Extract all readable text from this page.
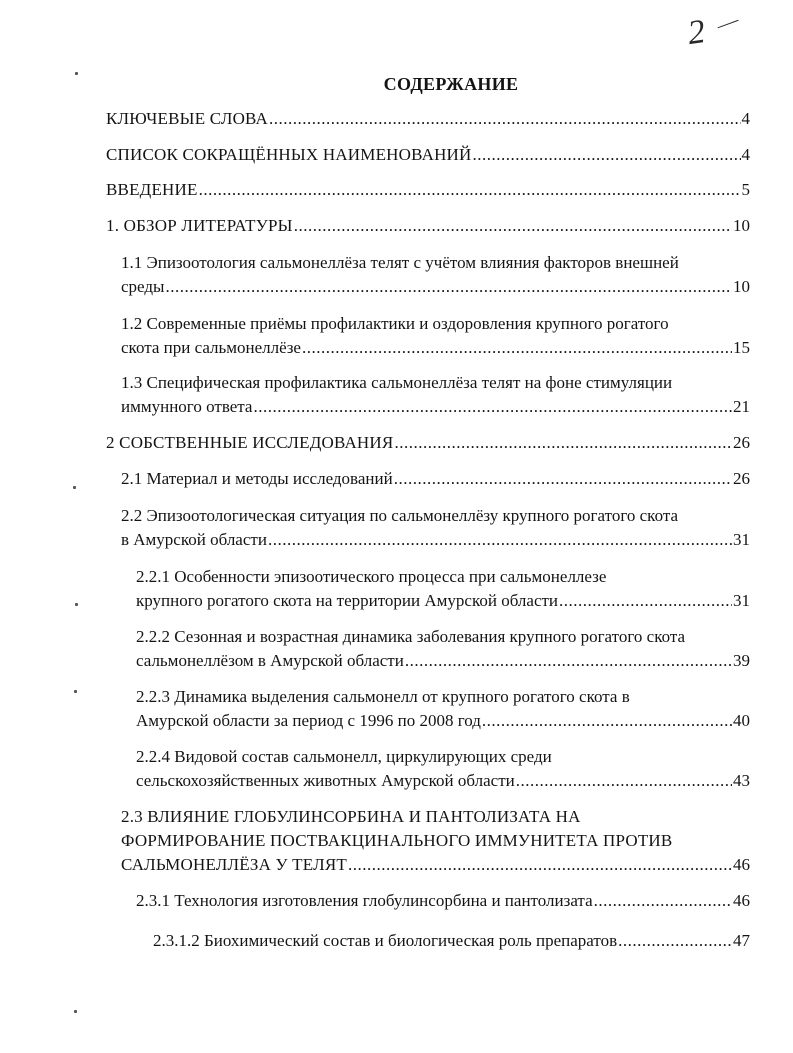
2
СОДЕРЖАНИЕ
КЛЮЧЕВЫЕ СЛОВА .....	4
СПИСОК СОКРАЩЁННЫХ НАИМЕНОВАНИЙ .....	4
ВВЕДЕНИЕ .....	5
1. ОБЗОР ЛИТЕРАТУРЫ .....	10
1.1 Эпизоотология сальмонеллёза телят с учётом влияния факторов внешней
среды .....	10
1.2 Современные приёмы профилактики и оздоровления крупного рогатого
скота при сальмонеллёзе .....	15
1.3 Специфическая профилактика сальмонеллёза телят на фоне стимуляции
иммунного ответа .....	21
2 СОБСТВЕННЫЕ ИССЛЕДОВАНИЯ .....	26
2.1 Материал и методы исследований .....	26
2.2 Эпизоотологическая ситуация по сальмонеллёзу крупного рогатого скота
в Амурской области .....	31
2.2.1 Особенности эпизоотического процесса при сальмонеллезе
крупного рогатого скота на территории Амурской области .....	31
2.2.2 Сезонная и возрастная динамика заболевания крупного рогатого скота
сальмонеллёзом в Амурской области .....	39
2.2.3 Динамика выделения сальмонелл от крупного рогатого скота в
Амурской области за период с 1996 по 2008 год .....	40
2.2.4 Видовой состав сальмонелл, циркулирующих среди
сельскохозяйственных животных Амурской области .....	43
2.3 ВЛИЯНИЕ ГЛОБУЛИНСОРБИНА И ПАНТОЛИЗАТА НА
ФОРМИРОВАНИЕ ПОСТВАКЦИНАЛЬНОГО ИММУНИТЕТА ПРОТИВ
САЛЬМОНЕЛЛЁЗА У ТЕЛЯТ .....	46
2.3.1 Технология изготовления глобулинсорбина и пантолизата .....	46
2.3.1.2 Биохимический состав и биологическая роль препаратов .....	47
